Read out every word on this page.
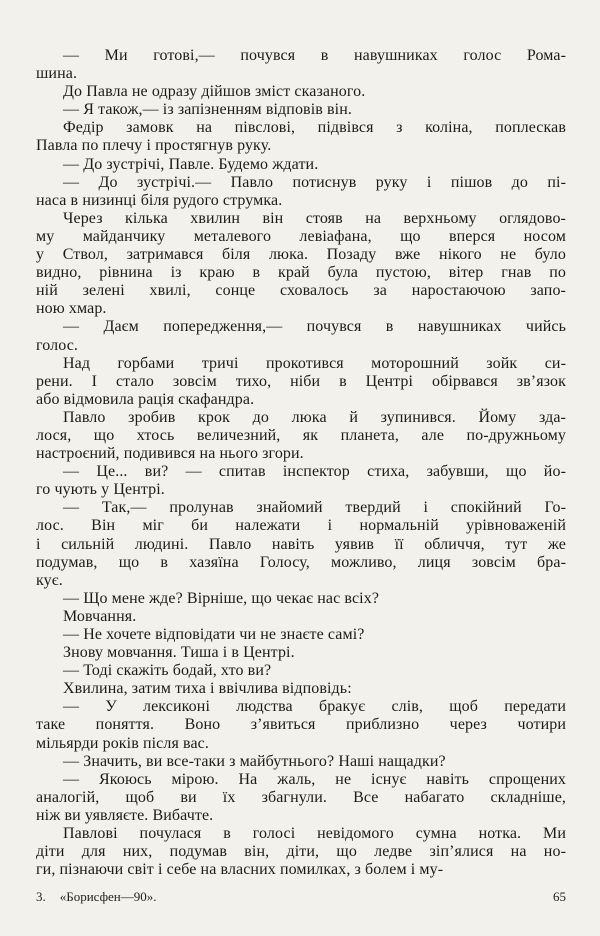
— Ми готові,— почувся в навушниках голос Рома-
шина.
До Павла не одразу дійшов зміст сказаного.
— Я також,— із запізненням відповів він.
Федір замовк на півслові, підвівся з коліна, поплескав
Павла по плечу і простягнув руку.
— До зустрічі, Павле. Будемо ждати.
— До зустрічі.— Павло потиснув руку і пішов до пі-
наса в низинці біля рудого струмка.
Через кілька хвилин він стояв на верхньому оглядово-
му майданчику металевого левіафана, що вперся носом
у Ствол, затримався біля люка. Позаду вже нікого не було
видно, рівнина із краю в край була пустою, вітер гнав по
ній зелені хвилі, сонце сховалось за наростаючою запо-
ною хмар.
— Даєм попередження,— почувся в навушниках чийсь
голос.
Над горбами тричі прокотився моторошний зойк си-
рени. І стало зовсім тихо, ніби в Центрі обірвався зв’язок
або відмовила рація скафандра.
Павло зробив крок до люка й зупинився. Йому зда-
лося, що хтось величезний, як планета, але по-дружньому
настроєний, подивився на нього згори.
— Це... ви? — спитав інспектор стиха, забувши, що йо-
го чують у Центрі.
— Так,— пролунав знайомий твердий і спокійний Го-
лос. Він міг би належати і нормальній урівноваженій
і сильній людині. Павло навіть уявив її обличчя, тут же
подумав, що в хазяїна Голосу, можливо, лиця зовсім бра-
кує.
— Що мене жде? Вірніше, що чекає нас всіх?
Мовчання.
— Не хочете відповідати чи не знаєте самі?
Знову мовчання. Тиша і в Центрі.
— Тоді скажіть бодай, хто ви?
Хвилина, затим тиха і ввічлива відповідь:
— У лексиконі людства бракує слів, щоб передати
таке поняття. Воно з’явиться приблизно через чотири
мільярди років після вас.
— Значить, ви все-таки з майбутнього? Наші нащадки?
— Якоюсь мірою. На жаль, не існує навіть спрощених
аналогій, щоб ви їх збагнули. Все набагато складніше,
ніж ви уявляєте. Вибачте.
Павлові почулася в голосі невідомого сумна нотка. Ми
діти для них, подумав він, діти, що ледве зіп’ялися на но-
ги, пізнаючи світ і себе на власних помилках, з болем і му-
3. «Борисфен—90».	65
